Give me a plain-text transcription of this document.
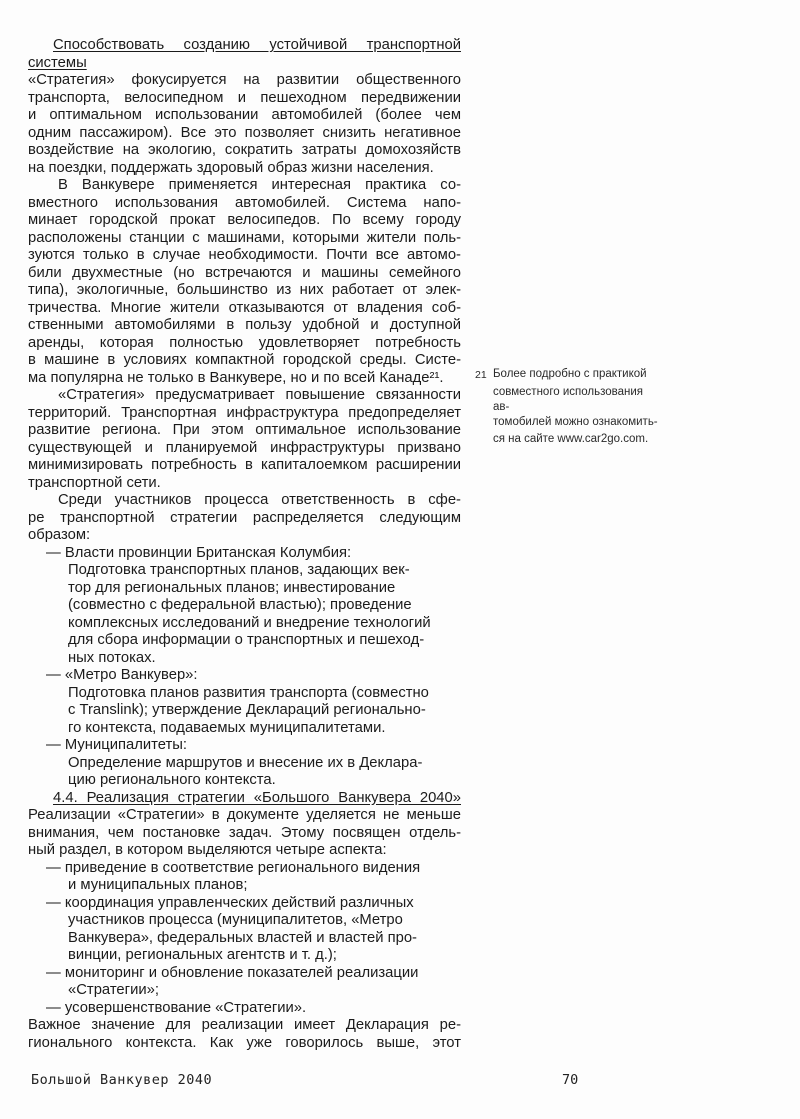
Способствовать созданию устойчивой транспортной
системы
«Стратегия» фокусируется на развитии общественного
транспорта, велосипедном и пешеходном передвижении
и оптимальном использовании автомобилей (более чем
одним пассажиром). Все это позволяет снизить негативное
воздействие на экологию, сократить затраты домохозяйств
на поездки, поддержать здоровый образ жизни населения.
В Ванкувере применяется интересная практика со-
вместного использования автомобилей. Система напо-
минает городской прокат велосипедов. По всему городу
расположены станции с машинами, которыми жители поль-
зуются только в случае необходимости. Почти все автомо-
били двухместные (но встречаются и машины семейного
типа), экологичные, большинство из них работает от элек-
тричества. Многие жители отказываются от владения соб-
ственными автомобилями в пользу удобной и доступной
аренды, которая полностью удовлетворяет потребность
в машине в условиях компактной городской среды. Систе-
ма популярна не только в Ванкувере, но и по всей Канаде²¹.
«Стратегия» предусматривает повышение связанности
территорий. Транспортная инфраструктура предопределяет
развитие региона. При этом оптимальное использование
существующей и планируемой инфраструктуры призвано
минимизировать потребность в капиталоемком расширении
транспортной сети.
Среди участников процесса ответственность в сфе-
ре транспортной стратегии распределяется следующим
образом:
— Власти провинции Британская Колумбия:
Подготовка транспортных планов, задающих век-
тор для региональных планов; инвестирование
(совместно с федеральной властью); проведение
комплексных исследований и внедрение технологий
для сбора информации о транспортных и пешеход-
ных потоках.
— «Метро Ванкувер»:
Подготовка планов развития транспорта (совместно
с Translink); утверждение Деклараций регионально-
го контекста, подаваемых муниципалитетами.
— Муниципалитеты:
Определение маршрутов и внесение их в Деклара-
цию регионального контекста.
4.4. Реализация стратегии «Большого Ванкувера 2040»
Реализации «Стратегии» в документе уделяется не меньше
внимания, чем постановке задач. Этому посвящен отдель-
ный раздел, в котором выделяются четыре аспекта:
— приведение в соответствие регионального видения
и муниципальных планов;
— координация управленческих действий различных
участников процесса (муниципалитетов, «Метро
Ванкувера», федеральных властей и властей про-
винции, региональных агентств и т. д.);
— мониторинг и обновление показателей реализации
«Стратегии»;
— усовершенствование «Стратегии».
Важное значение для реализации имеет Декларация ре-
гионального контекста. Как уже говорилось выше, этот
21 Более подробно с практикой
совместного использования ав-
томобилей можно ознакомить-
ся на сайте www.car2go.com.
Большой Ванкувер 2040	70
